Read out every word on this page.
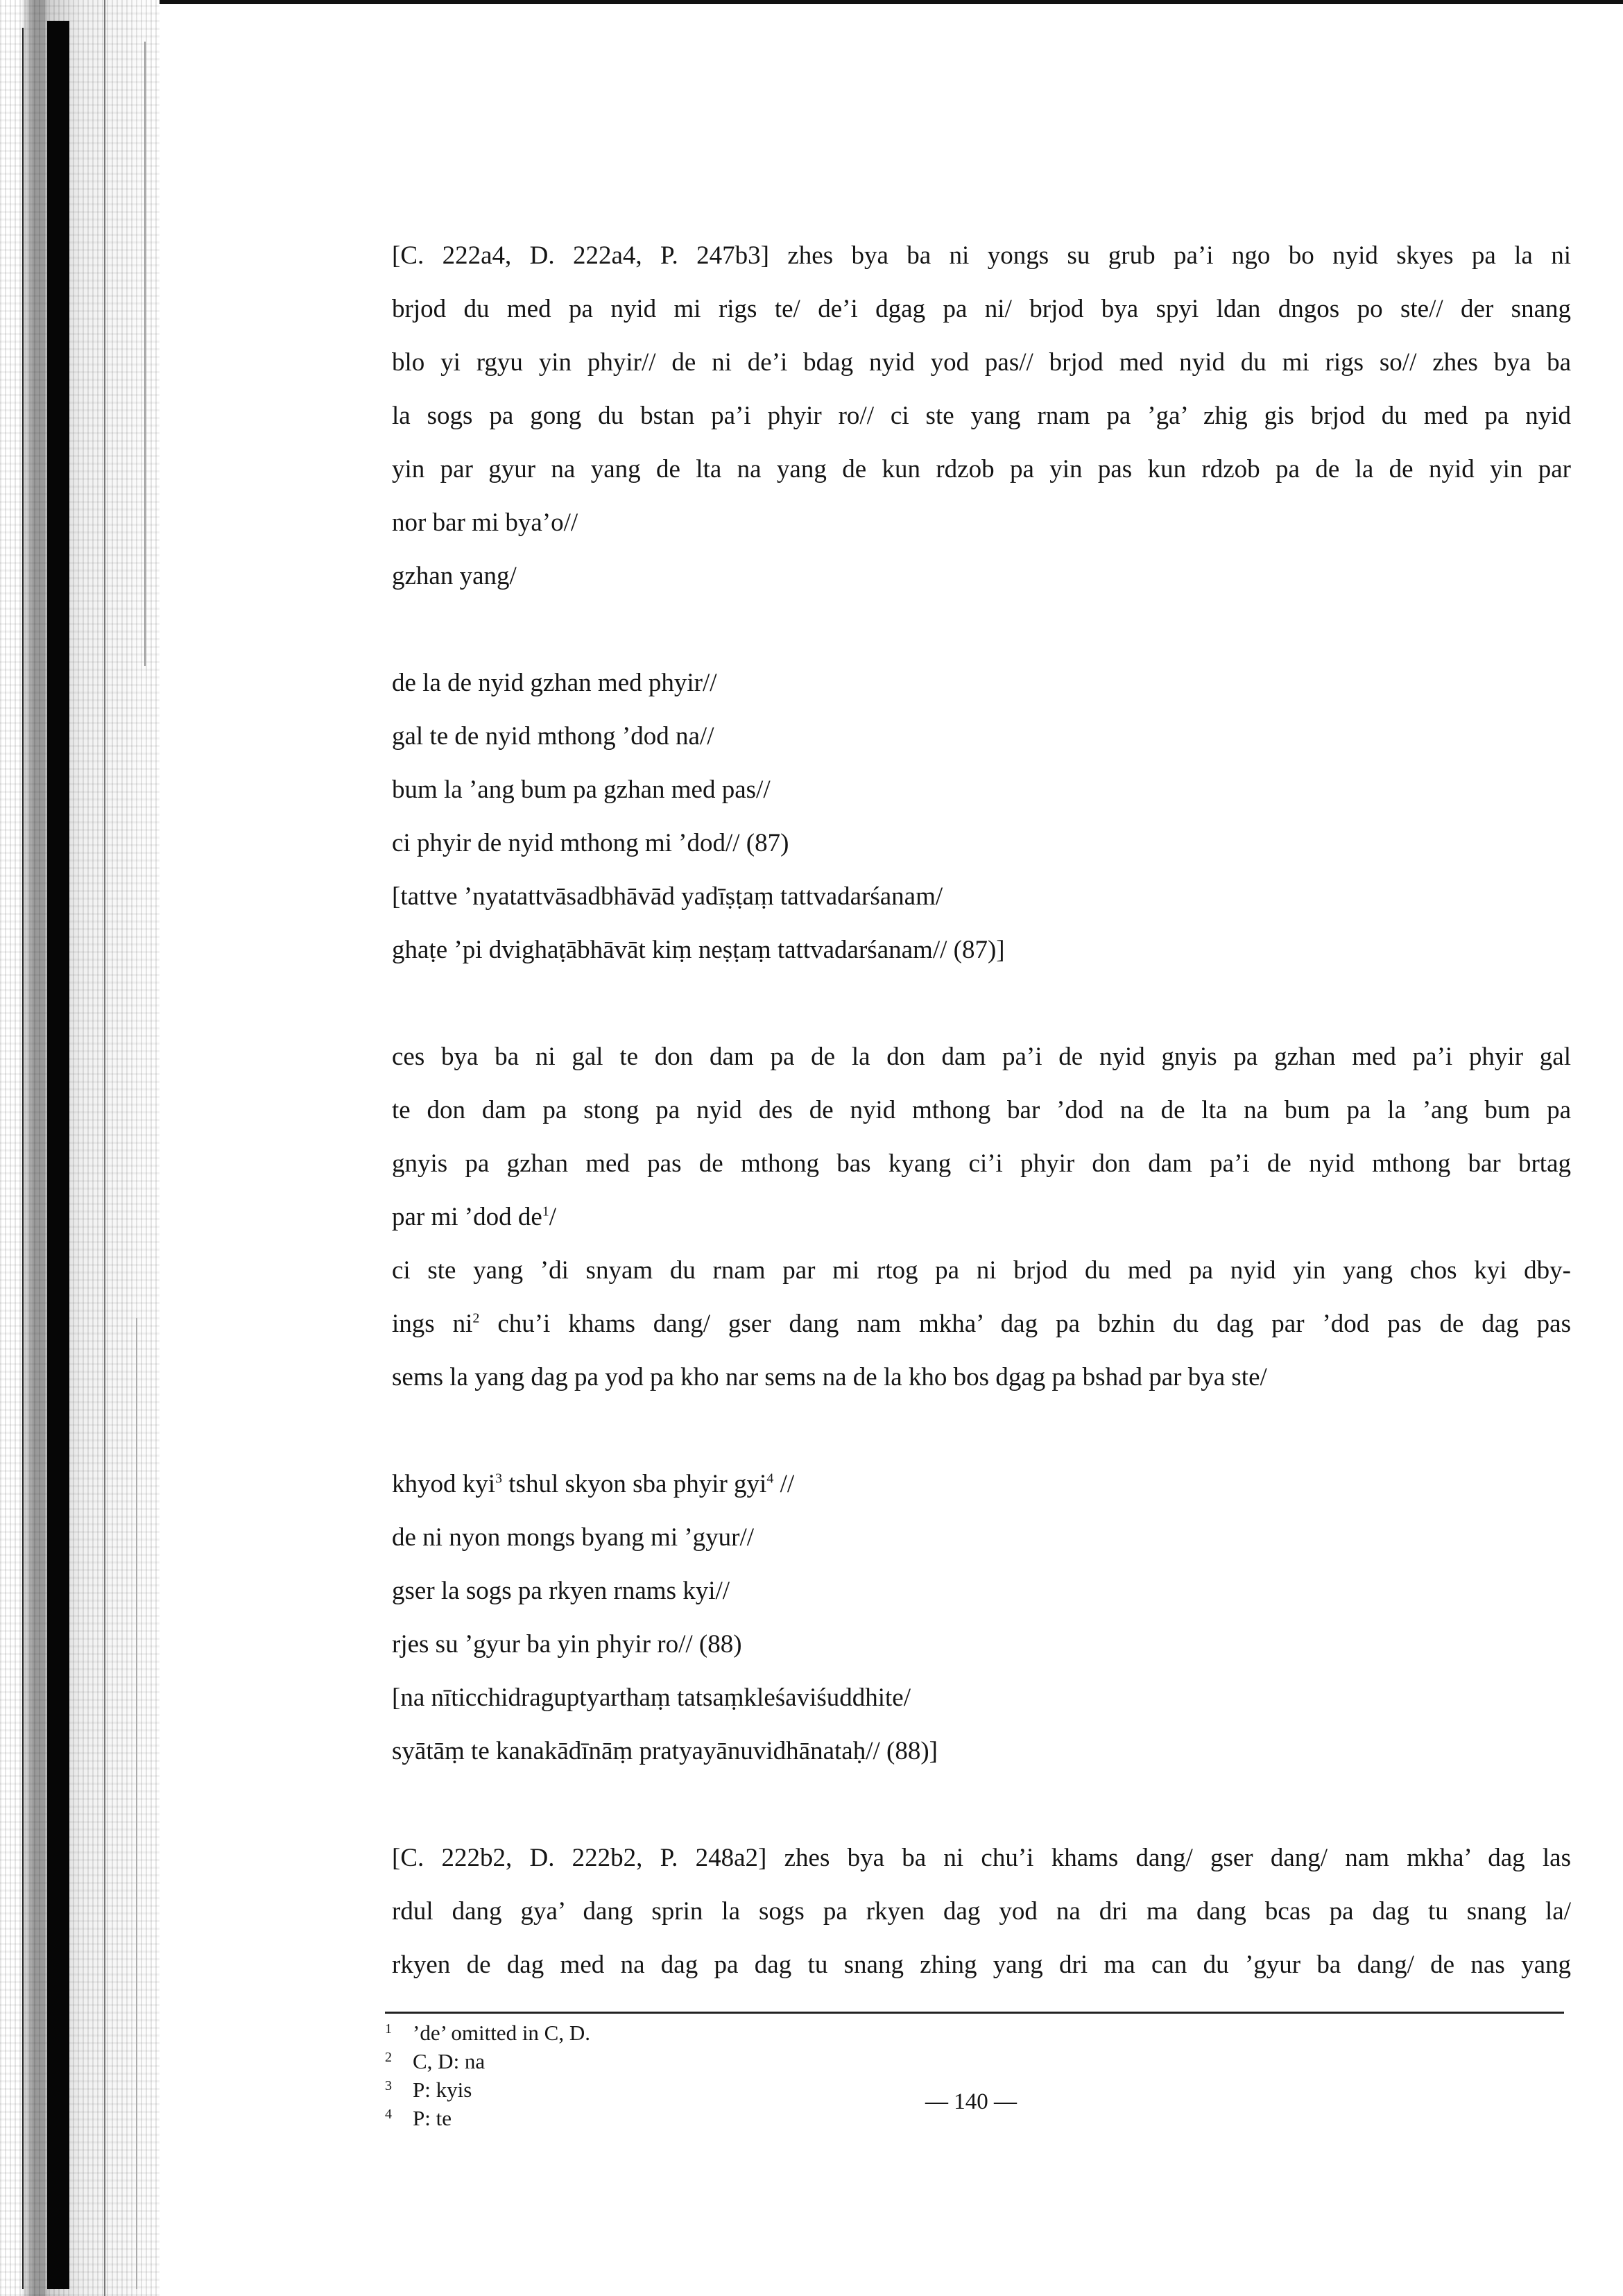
[C. 222a4, D. 222a4, P. 247b3] zhes bya ba ni yongs su grub pa’i ngo bo nyid skyes pa la ni

brjod du med pa nyid mi rigs te/ de’i dgag pa ni/ brjod bya spyi ldan dngos po ste// der snang

blo yi rgyu yin phyir// de ni de’i bdag nyid yod pas// brjod med nyid du mi rigs so// zhes bya ba

la sogs pa gong du bstan pa’i phyir ro// ci ste yang rnam pa ’ga’ zhig gis brjod du med pa nyid

yin par gyur na yang de lta na yang de kun rdzob pa yin pas kun rdzob pa de la de nyid yin par

nor bar mi bya’o//

gzhan yang/

de la de nyid gzhan med phyir//

gal te de nyid mthong ’dod na//

bum la ’ang bum pa gzhan med pas//

ci phyir de nyid mthong mi ’dod// (87)

[tattve ’nyatattvāsadbhāvād yadīṣṭaṃ tattvadarśanam/

ghaṭe ’pi dvighaṭābhāvāt kiṃ neṣṭaṃ tattvadarśanam// (87)]

ces bya ba ni gal te don dam pa de la don dam pa’i de nyid gnyis pa gzhan med pa’i phyir gal

te don dam pa stong pa nyid des de nyid mthong bar ’dod na de lta na bum pa la ’ang bum pa

gnyis pa gzhan med pas de mthong bas kyang ci’i phyir don dam pa’i de nyid mthong bar brtag

par mi ’dod $de^1/$

ci ste yang ’di snyam du rnam par mi rtog pa ni brjod du med pa nyid yin yang chos kyi dby-

ings $ni^2$ chu’i khams dang/ gser dang nam mkha’ dag pa bzhin du dag par ’dod pas de dag pas

sems la yang dag pa yod pa kho nar sems na de la kho bos dgag pa bshad par bya ste/

khyod kyi$^3$ tshul skyon sba phyir gyi$^4$ //

de ni nyon mongs byang mi ’gyur//

gser la sogs pa rkyen rnams kyi//

rjes su ’gyur ba yin phyir ro// (88)

[na nīticchidraguptyarthaṃ tatsaṃkleśaviśuddhite/

syātāṃ te kanakādīnāṃ pratyayānuvidhānataḥ// (88)]

[C. 222b2, D. 222b2, P. 248a2] zhes bya ba ni chu’i khams dang/ gser dang/ nam mkha’ dag las

rdul dang gya’ dang sprin la sogs pa rkyen dag yod na dri ma dang bcas pa dag tu snang la/

rkyen de dag med na dag pa dag tu snang zhing yang dri ma can du ’gyur ba dang/ de nas yang

1 ’de’ omitted in C, D.

2 C, D: na

3 P: kyis

4 P: te

— 140 —
